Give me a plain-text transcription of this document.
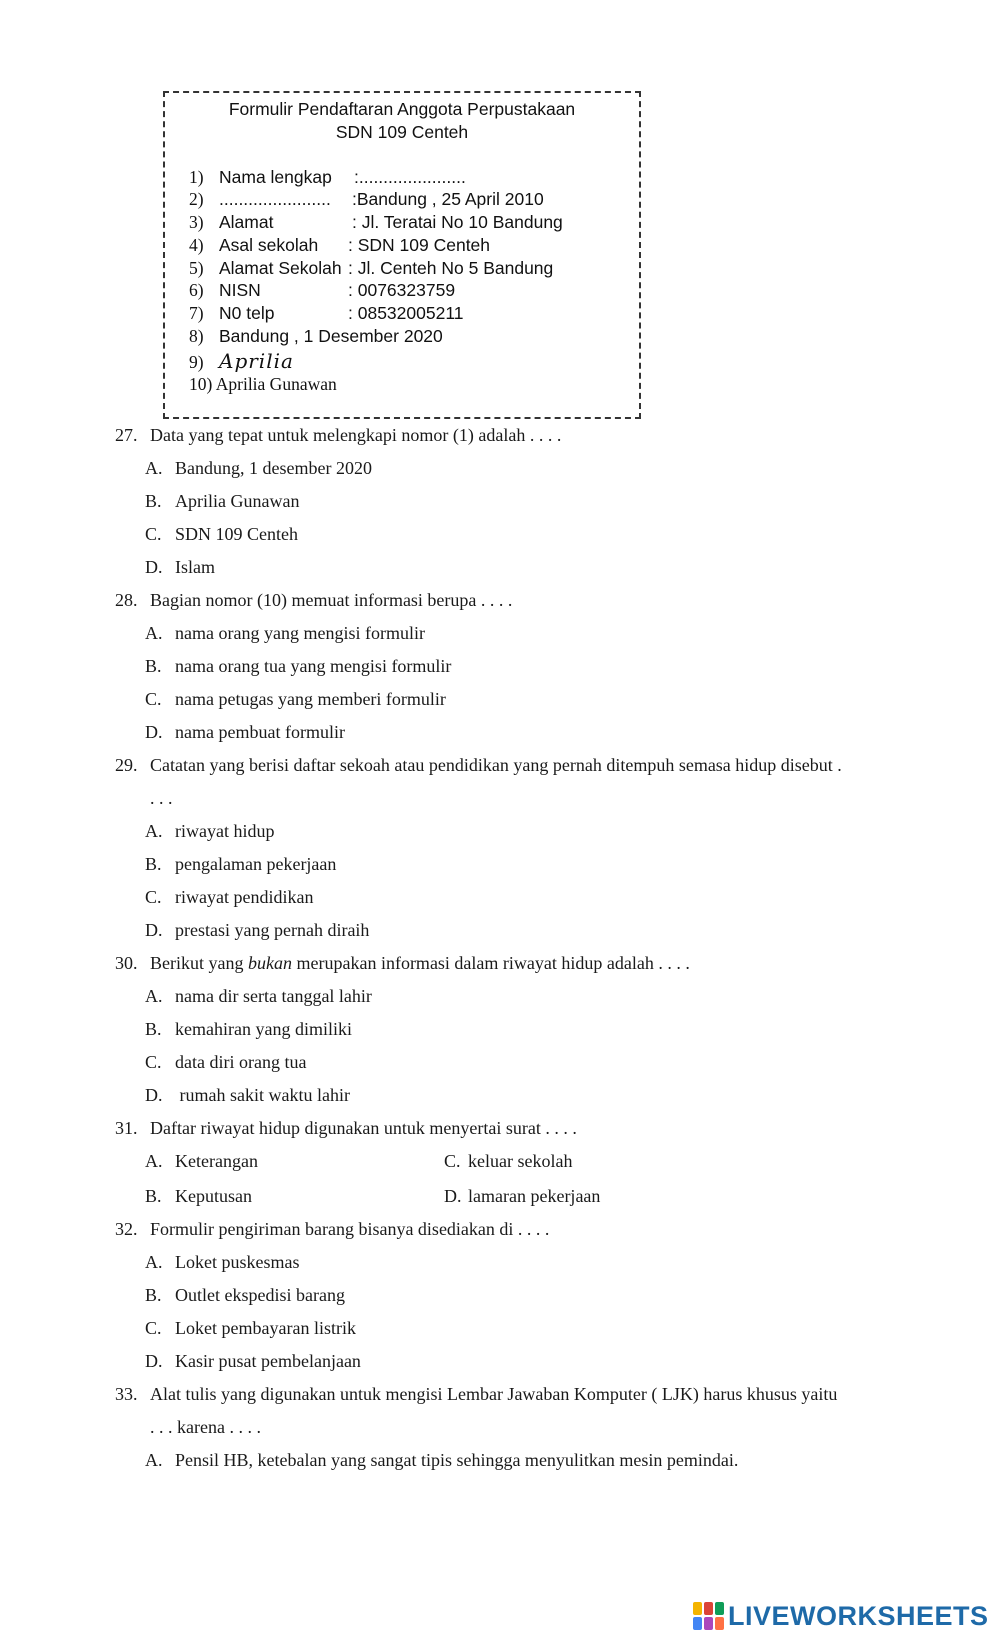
Formulir Pendaftaran Anggota Perpustakaan
SDN 109 Centeh
1) Nama lengkap :......................
2) ....................... :Bandung , 25 April 2010
3) Alamat	: Jl. Teratai No 10 Bandung
4) Asal sekolah : SDN 109 Centeh
5) Alamat Sekolah : Jl. Centeh No 5 Bandung
6) NISN	: 0076323759
7) N0 telp	: 08532005211
8) Bandung , 1 Desember 2020
9) Aprilia
10) Aprilia Gunawan
27. Data yang tepat untuk melengkapi nomor (1) adalah . . . .
A. Bandung, 1 desember 2020
B. Aprilia Gunawan
C. SDN 109 Centeh
D. Islam
28. Bagian nomor (10) memuat informasi berupa . . . .
A. nama orang yang mengisi formulir
B. nama orang tua yang mengisi formulir
C. nama petugas yang memberi formulir
D. nama pembuat formulir
29. Catatan yang berisi daftar sekoah atau pendidikan yang pernah ditempuh semasa hidup disebut .
. . .
A. riwayat hidup
B. pengalaman pekerjaan
C. riwayat pendidikan
D. prestasi yang pernah diraih
30. Berikut yang bukan merupakan informasi dalam riwayat hidup adalah . . . .
A. nama dir serta tanggal lahir
B. kemahiran yang dimiliki
C. data diri orang tua
D. rumah sakit waktu lahir
31. Daftar riwayat hidup digunakan untuk menyertai surat . . . .
A. Keterangan	C. keluar sekolah
B. Keputusan	D. lamaran pekerjaan
32. Formulir pengiriman barang bisanya disediakan di . . . .
A. Loket puskesmas
B. Outlet ekspedisi barang
C. Loket pembayaran listrik
D. Kasir pusat pembelanjaan
33. Alat tulis yang digunakan untuk mengisi Lembar Jawaban Komputer ( LJK) harus khusus yaitu
. . . karena . . . .
A. Pensil HB, ketebalan yang sangat tipis sehingga menyulitkan mesin pemindai.
LIVEWORKSHEETS
